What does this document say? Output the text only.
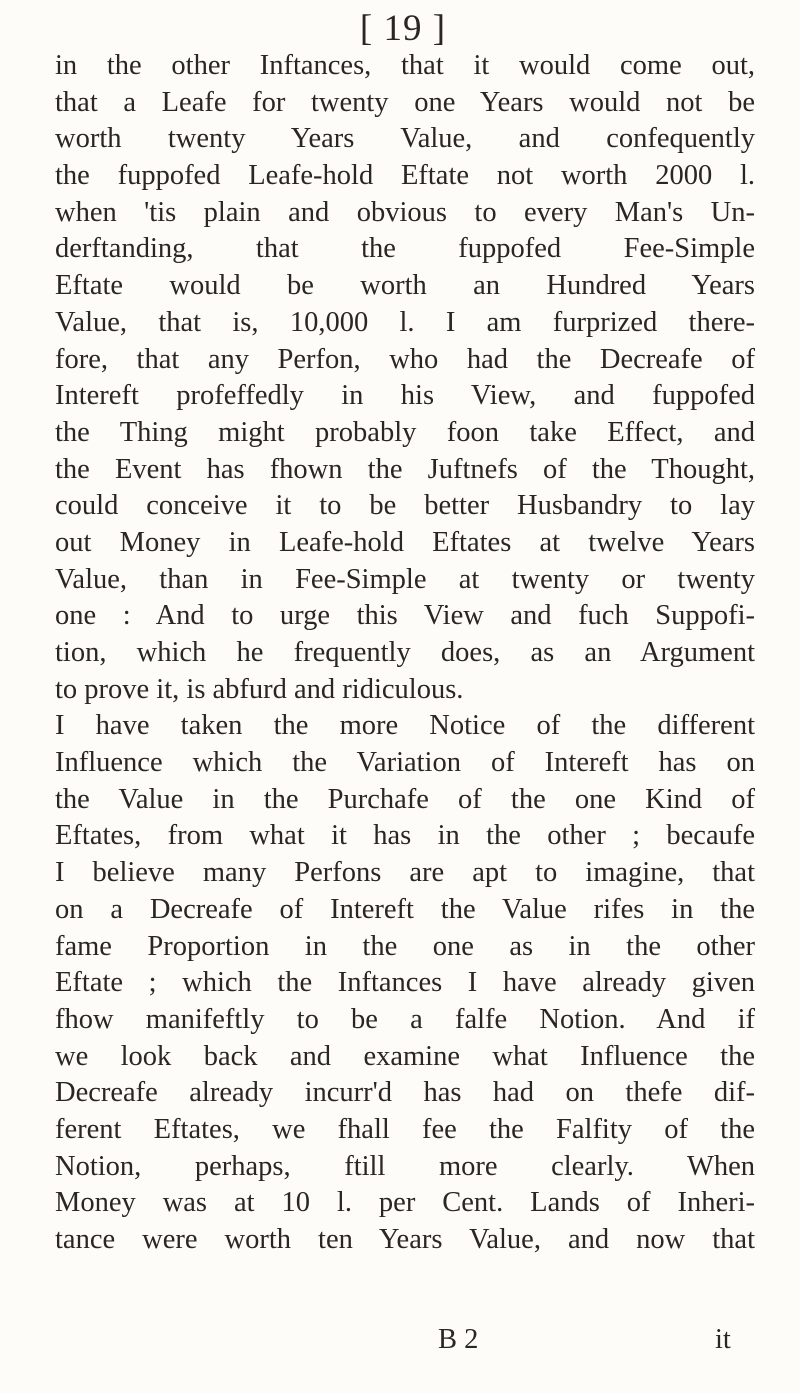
[ 19 ]
in the other Inftances, that it would come out,
that a Leafe for twenty one Years would not be
worth twenty Years Value, and confequently
the fuppofed Leafe-hold Eftate not worth 2000 l.
when 'tis plain and obvious to every Man's Un-
derftanding, that the fuppofed Fee-Simple
Eftate would be worth an Hundred Years
Value, that is, 10,000 l. I am furprized there-
fore, that any Perfon, who had the Decreafe of
Intereft profeffedly in his View, and fuppofed
the Thing might probably foon take Effect, and
the Event has fhown the Juftnefs of the Thought,
could conceive it to be better Husbandry to lay
out Money in Leafe-hold Eftates at twelve Years
Value, than in Fee-Simple at twenty or twenty
one : And to urge this View and fuch Suppofi-
tion, which he frequently does, as an Argument
to prove it, is abfurd and ridiculous.
I have taken the more Notice of the different
Influence which the Variation of Intereft has on
the Value in the Purchafe of the one Kind of
Eftates, from what it has in the other ; becaufe
I believe many Perfons are apt to imagine, that
on a Decreafe of Intereft the Value rifes in the
fame Proportion in the one as in the other
Eftate ; which the Inftances I have already given
fhow manifeftly to be a falfe Notion. And if
we look back and examine what Influence the
Decreafe already incurr'd has had on thefe dif-
ferent Eftates, we fhall fee the Falfity of the
Notion, perhaps, ftill more clearly. When
Money was at 10 l. per Cent. Lands of Inheri-
tance were worth ten Years Value, and now that
B 2	it
